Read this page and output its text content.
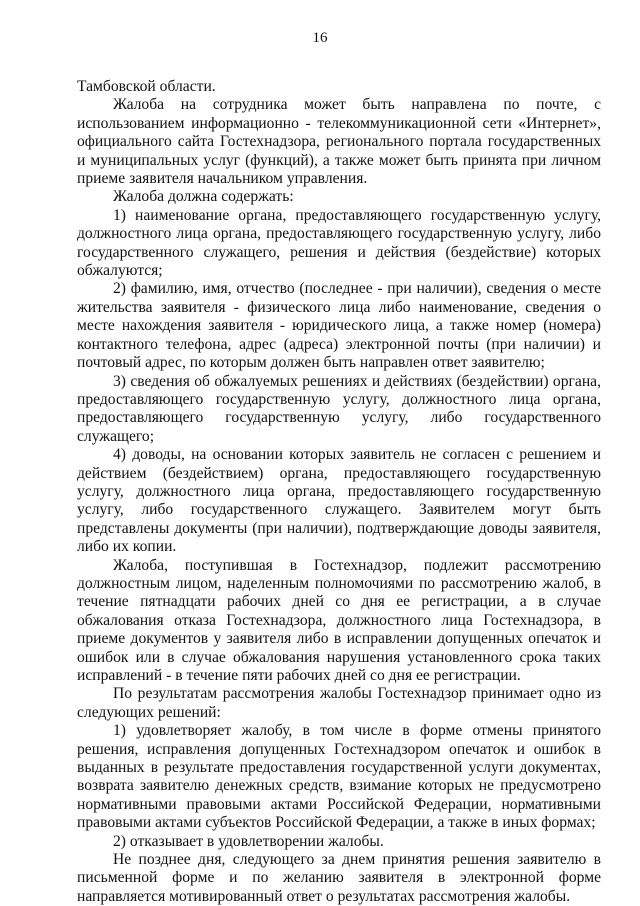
16

Тамбовской области.

Жалоба на сотрудника может быть направлена по почте, с использованием информационно - телекоммуникационной сети «Интернет», официального сайта Гостехнадзора, регионального портала государственных и муниципальных услуг (функций), а также может быть принята при личном приеме заявителя начальником управления.

Жалоба должна содержать:

1) наименование органа, предоставляющего государственную услугу, должностного лица органа, предоставляющего государственную услугу, либо государственного служащего, решения и действия (бездействие) которых обжалуются;

2) фамилию, имя, отчество (последнее - при наличии), сведения о месте жительства заявителя - физического лица либо наименование, сведения о месте нахождения заявителя - юридического лица, а также номер (номера) контактного телефона, адрес (адреса) электронной почты (при наличии) и почтовый адрес, по которым должен быть направлен ответ заявителю;

3) сведения об обжалуемых решениях и действиях (бездействии) органа, предоставляющего государственную услугу, должностного лица органа, предоставляющего государственную услугу, либо государственного служащего;

4) доводы, на основании которых заявитель не согласен с решением и действием (бездействием) органа, предоставляющего государственную услугу, должностного лица органа, предоставляющего государственную услугу, либо государственного служащего. Заявителем могут быть представлены документы (при наличии), подтверждающие доводы заявителя, либо их копии.

Жалоба, поступившая в Гостехнадзор, подлежит рассмотрению должностным лицом, наделенным полномочиями по рассмотрению жалоб, в течение пятнадцати рабочих дней со дня ее регистрации, а в случае обжалования отказа Гостехнадзора, должностного лица Гостехнадзора, в приеме документов у заявителя либо в исправлении допущенных опечаток и ошибок или в случае обжалования нарушения установленного срока таких исправлений - в течение пяти рабочих дней со дня ее регистрации.

По результатам рассмотрения жалобы Гостехнадзор принимает одно из следующих решений:

1) удовлетворяет жалобу, в том числе в форме отмены принятого решения, исправления допущенных Гостехнадзором опечаток и ошибок в выданных в результате предоставления государственной услуги документах, возврата заявителю денежных средств, взимание которых не предусмотрено нормативными правовыми актами Российской Федерации, нормативными правовыми актами субъектов Российской Федерации, а также в иных формах;

2) отказывает в удовлетворении жалобы.

Не позднее дня, следующего за днем принятия решения заявителю в письменной форме и по желанию заявителя в электронной форме направляется мотивированный ответ о результатах рассмотрения жалобы.
